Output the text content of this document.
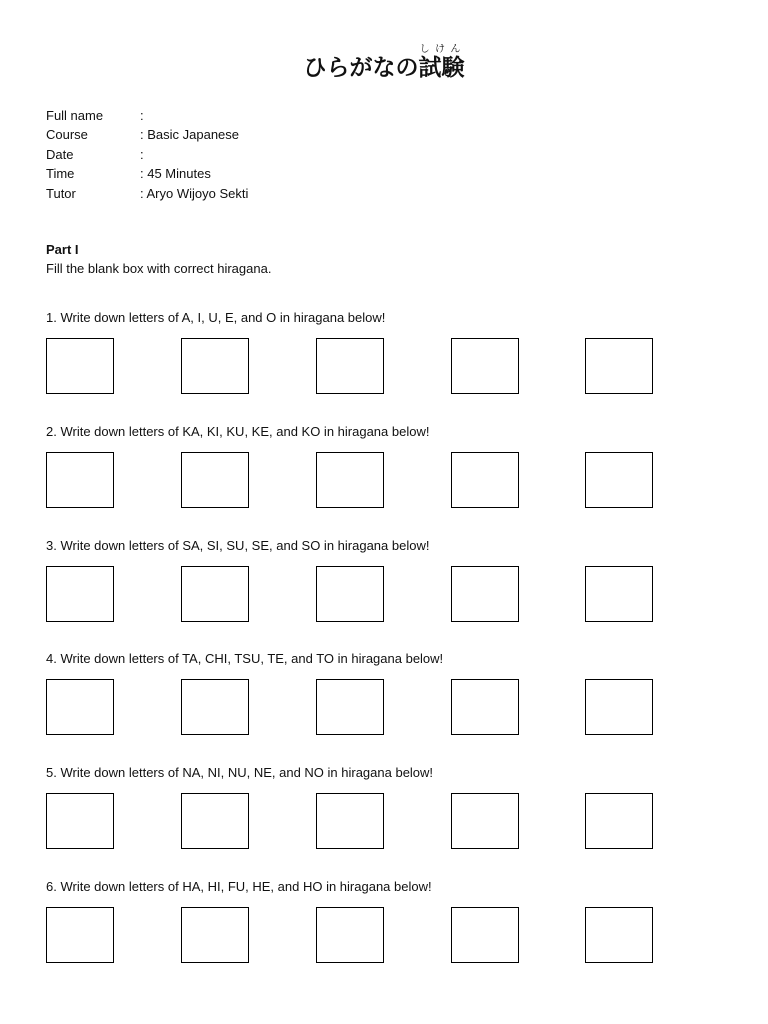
ひらがなの試験しけん
Full name	:
Course	: Basic Japanese
Date	:
Time	: 45 Minutes
Tutor	: Aryo Wijoyo Sekti
Part I
Fill the blank box with correct hiragana.
1. Write down letters of A, I, U, E, and O in hiragana below!
2. Write down letters of KA, KI, KU, KE, and KO in hiragana below!
3. Write down letters of SA, SI, SU, SE, and SO in hiragana below!
4. Write down letters of TA, CHI, TSU, TE, and TO in hiragana below!
5. Write down letters of NA, NI, NU, NE, and NO in hiragana below!
6. Write down letters of HA, HI, FU, HE, and HO in hiragana below!
